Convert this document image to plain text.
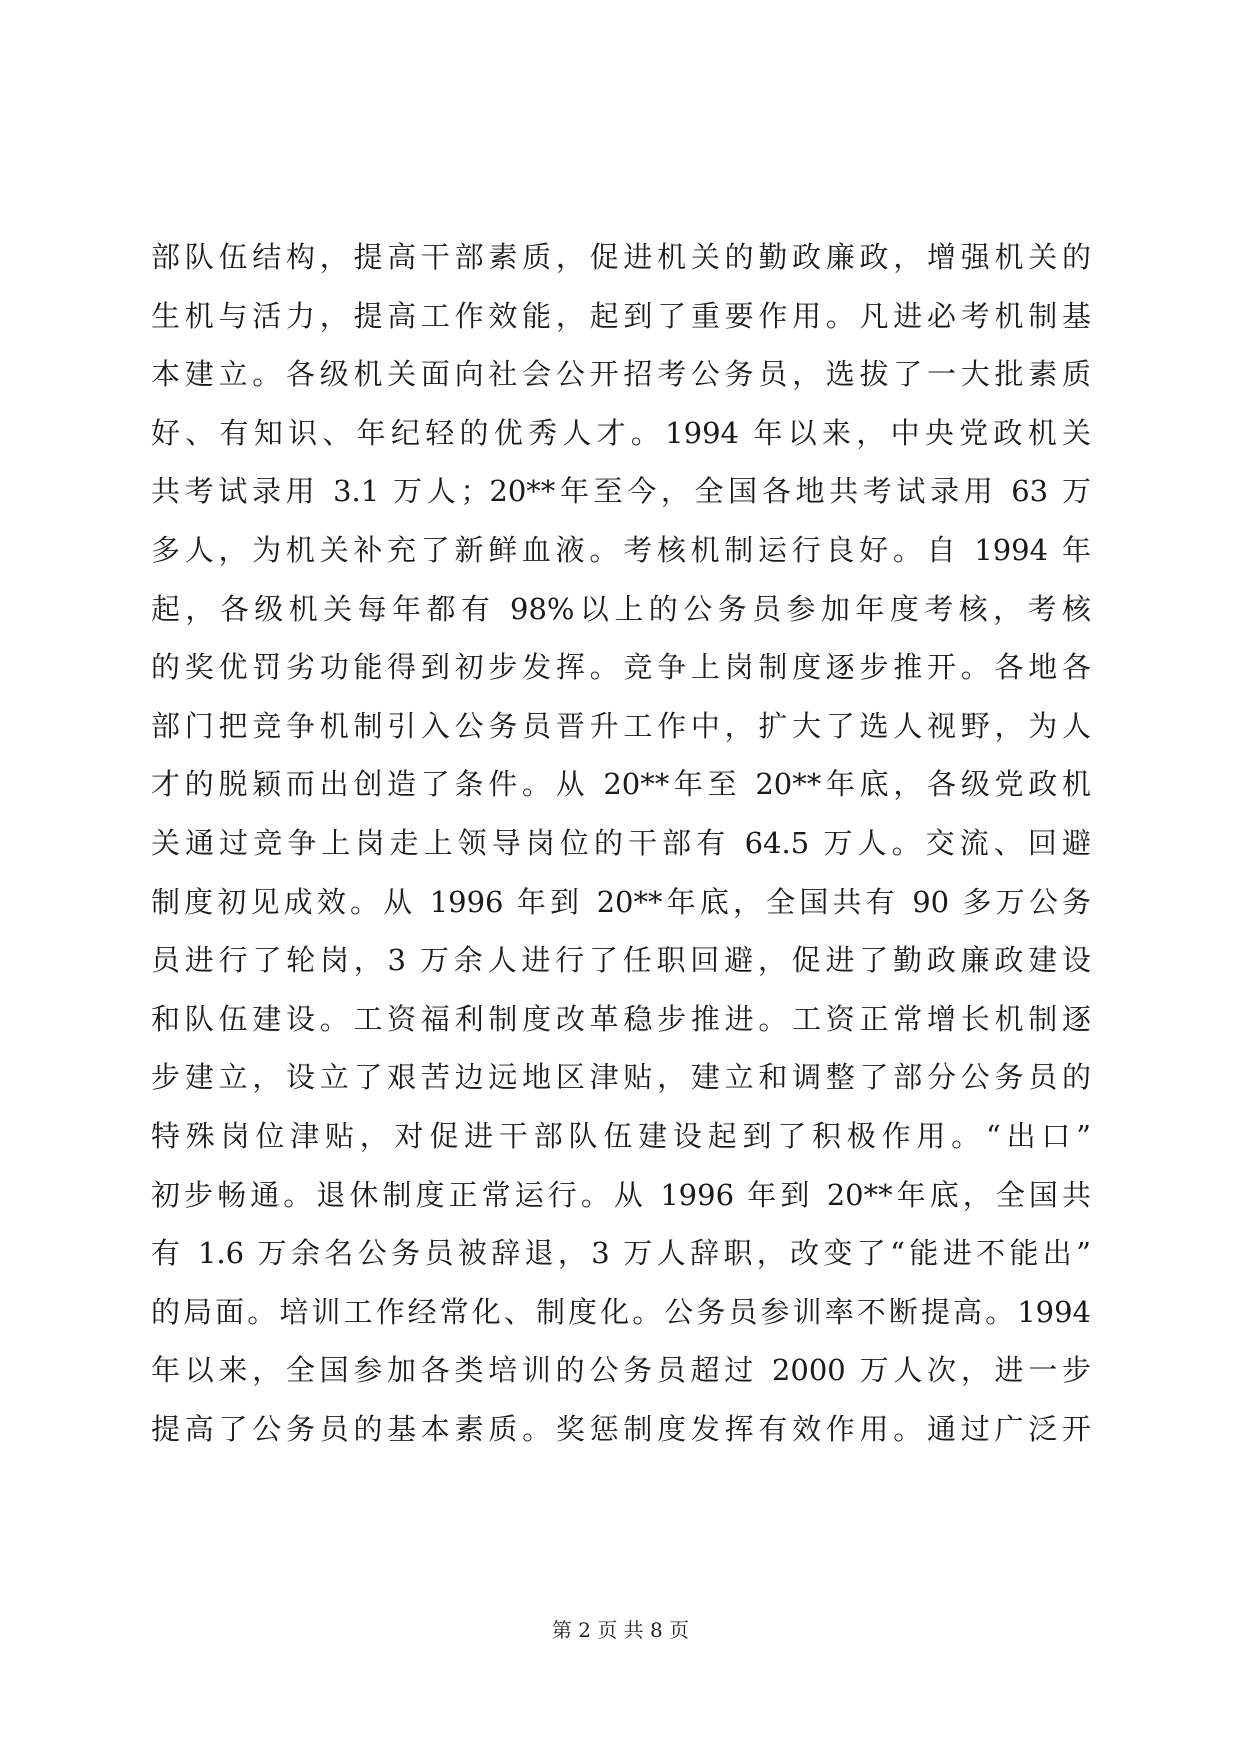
部队伍结构，提高干部素质，促进机关的勤政廉政，增强机关的
生机与活力，提高工作效能，起到了重要作用。凡进必考机制基
本建立。各级机关面向社会公开招考公务员，选拔了一大批素质
好、有知识、年纪轻的优秀人才。1994 年以来，中央党政机关
共考试录用 3.1 万人；20**年至今，全国各地共考试录用 63 万
多人，为机关补充了新鲜血液。考核机制运行良好。自 1994 年
起，各级机关每年都有 98%以上的公务员参加年度考核，考核
的奖优罚劣功能得到初步发挥。竞争上岗制度逐步推开。各地各
部门把竞争机制引入公务员晋升工作中，扩大了选人视野，为人
才的脱颖而出创造了条件。从 20**年至 20**年底，各级党政机
关通过竞争上岗走上领导岗位的干部有 64.5 万人。交流、回避
制度初见成效。从 1996 年到 20**年底，全国共有 90 多万公务
员进行了轮岗，3 万余人进行了任职回避，促进了勤政廉政建设
和队伍建设。工资福利制度改革稳步推进。工资正常增长机制逐
步建立，设立了艰苦边远地区津贴，建立和调整了部分公务员的
特殊岗位津贴，对促进干部队伍建设起到了积极作用。“出口”
初步畅通。退休制度正常运行。从 1996 年到 20**年底，全国共
有 1.6 万余名公务员被辞退，3 万人辞职，改变了“能进不能出”
的局面。培训工作经常化、制度化。公务员参训率不断提高。1994
年以来，全国参加各类培训的公务员超过 2000 万人次，进一步
提高了公务员的基本素质。奖惩制度发挥有效作用。通过广泛开
第 2 页 共 8 页
